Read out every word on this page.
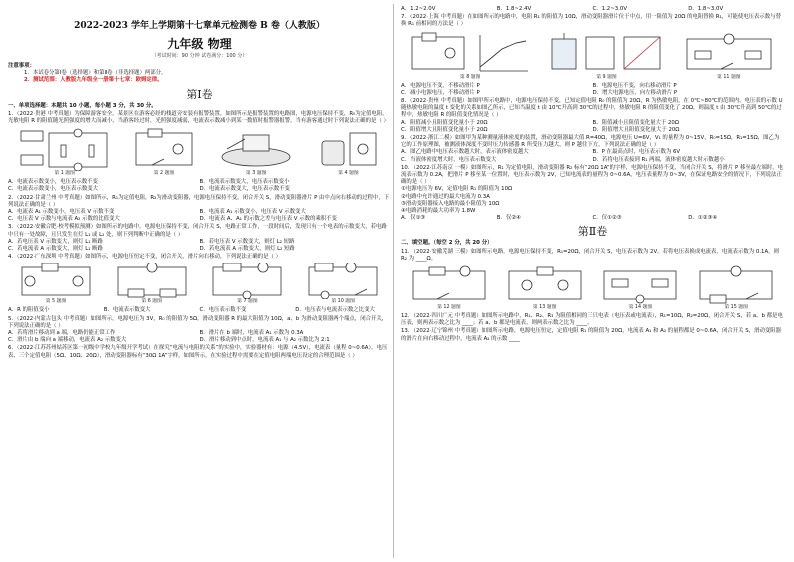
2022-2023 学年上学期第十七章单元检测卷 B 卷（人教版）
九年级 物理
（考试时间：90 分钟 试卷满分：100 分）
注意事项：
1．本试卷分第Ⅰ卷（选择题）和第Ⅱ卷（非选择题）两部分。
2．测试范围：人教版九年级全一册第十七章：欧姆定律。
第Ⅰ卷
一、单项选择题：本题共 10 小题，每小题 3 分，共 30 分。
1．（2022·贵港 中考真题）为保障游客安全，某景区在游客必经的栈道旁安装有报警装置，如图所示是报警装置的电路图，电源电压保持不变，R₀为定值电阻，光敏电阻 R 的阻值随光照强度的增大而减小，当游客经过时，光照强度减弱，电流表示数减小到某一数值时报警器报警，当有游客通过时下列说法正确的是（ ）
第 1 题图	第 2 题图	第 3 题图	第 4 题图
A．电流表示数变小，电压表示数不变	B．电流表示数变大，电压表示数变小
C．电流表示数变小，电压表示数变大	D．电流表示数变大，电压表示数不变
2．（2022·甘肃兰州 中考真题）如图所示，R₁为定值电阻，R₂为滑动变阻器，电源电压保持不变，闭合开关 S，滑动变阻器滑片 P 由中点向右移动的过程中，下列说法正确的是（ ）
A．电流表 A₁ 示数变小，电压表 V 示数不变	B．电流表 A₁ 示数变小，电压表 V 示数变大
C．电压表 V 示数与电流表 A₂ 示数的比值变大	D．电流表 A、A₁ 的示数之差与电压表 V 示数的乘积不变
3．（2022·安徽合肥·校考模拟预测）如图所示的电路中，电源电压保持不变，闭合开关 S，电路正常工作，一段时间后，发现只有一个电表的示数变大，若电路中只有一处故障，且只发生在灯 L₁ 或 L₂ 处，则下列判断中正确的是（ ）
A．若电压表 V 示数变大，则灯 L₁ 断路	B．若电压表 V 示数变大，则灯 L₂ 短路
C．若电流表 A 示数变大，则灯 L₁ 断路	D．若电流表 A 示数变大，则灯 L₂ 短路
4．（2022·广东深圳 中考真题）如图所示，电源电压恒定不变，闭合开关，滑片向右移动，下列说法正确的是（ ）
第 5 题图	第 6 题图	第 7 题图	第 10 题图
A．R 的阻值变小	B．电流表示数变大	C．电压表示数不变	D．电压表与电流表示数之比变大
5．（2022·内蒙古包头 中考真题）如图所示，电源电压为 3V，R₀ 的阻值为 5Ω，滑动变阻器 R 的最大阻值为 10Ω，a、b 为滑动变阻器两个端点，闭合开关，下列说法正确的是（ ）
A．若将滑片移动到 a 端，电路仍能正常工作	B．滑片在 b 端时，电流表 A₁ 示数为 0.3A
C．滑片由 b 端向 a 端移动，电流表 A₂ 示数变大	D．滑片移动到中点时，电流表 A₁ 与 A₂ 示数比为 2:1
6．（2022·江苏苏州姑苏区第一初级中学校九年级开学考试）在探究“电流与电阻的关系”的实验中，实验器材有：电源（4.5V），电流表（量程 0~0.6A），电压表、三个定值电阻（5Ω、10Ω、20Ω），滑动变阻器标有“30Ω 1A”字样，如图所示，在实验过程中需要在定值电阻两端电压设定的合理范围是（ ）
A．1.2~2.0V	B．1.8~2.4V	C．1.2~3.0V	D．1.8~3.0V
7．（2022·上海 中考真题）在如图所示的电路中，电阻 R₁ 的阻值为 10Ω，滑动变阻器滑片位于中点，用一阻值为 20Ω 的电阻替换 R₁，可能使电压表示数与替换 R₁ 前相同的方法是（ ）
第 8 题图	第 9 题图	第 11 题图
A．电源电压不变，不移动滑片 P	B．电源电压不变，向右移动滑片 P
C．减小电源电压，不移动滑片 P	D．增大电源电压，向左移动滑片 P
8．（2022·贵州 中考真题）如图甲所示电路中，电源电压保持不变，已知定值电阻 R₀ 的阻值为 20Ω，R 为热敏电阻，在 0℃~80℃的范围内，电压表的示数 U 随热敏电阻的温度 t 变化的关系如图乙所示，已知当温度 t 由 10℃升高到 30℃的过程中，热敏电阻 R 的阻值变化了 20Ω，则温度 t 由 30℃升高到 50℃的过程中，热敏电阻 R 的阻值变化情况是（ ）
A．阻值减小且阻值变化量小于 20Ω	B．阻值减小且阻值变化量大于 20Ω
C．阻值增大且阻值变化量小于 20Ω	D．阻值增大且阻值变化量大于 20Ω
9．（2022·浙江二模）如图甲为某种测量液体密度的装置，滑动变阻器最大值 R=40Ω，电源电压 U=6V，V₁ 的量程为 0~15V，R₀=15Ω，R₁=15Ω，图乙为它的工作原理图，被测液体深度不变时压力传感器 R 所受压力越大，则 P 越往下方，下列说法正确的是（ ）
A．图乙电路中电压表示数越大时，表示液体密度越大	B．P 在最高点时，电压表示数为 6V
C．当液体密度增大时，电压表示数变大	D．若将电压表接到 R₁ 两端，液体密度越大时示数越小
10．（2022·江苏南京 一模）如图所示，R₁ 为定值电阻，滑动变阻器 R₂ 标有“20Ω 1A”的字样，电源电压保持不变，当闭合开关 S，将滑片 P 移至最左端时，电流表示数为 0.2A，把滑片 P 移至某一位置时，电压表示数为 2V，已知电流表的量程为 0~0.6A，电压表量程为 0~3V，在保证电路安全的情况下，下列说法正确的是（ ）
①电源电压为 6V，定值电阻 R₁ 的阻值为 10Ω
②电路中允许通过的最大电流为 0.3A
③滑动变阻器接入电路的最小阻值为 10Ω
④电路消耗的最大功率为 1.8W
A．仅①③	B．仅②④	C．仅①②③	D．①②③④
第Ⅱ卷
二、填空题。（每空 2 分，共 20 分）
11．（2022·安徽芜湖 三模）如图所示电路，电源电压保持不变，R₁=20Ω，闭合开关 S，电压表示数为 2V，若将电压表换成电流表，电流表示数为 0.1A，则 R₂ 为 ____Ω。
第 12 题图	第 13 题图	第 14 题图	第 15 题图
12．（2022·四川广元 中考真题）如图所示电路中，R₁、R₂、R₃ 为阻值相同的三只电表（电压表或电流表），R₁=10Ω，R₂=20Ω，闭合开关 S，若 a、b 都是电压表，则两表示数之比为 ____；若 a、b 都是电流表，则两表示数之比为 ____。
13．（2022·辽宁锦州 中考真题）如图所示电路，电源电压恒定，定值电阻 R₁ 的阻值为 20Ω，电流表 A₁ 和 A₂ 的量程都是 0~0.6A，闭合开关 S，滑动变阻器的滑片在向右移动过程中，电流表 A₂ 的示数 ____
